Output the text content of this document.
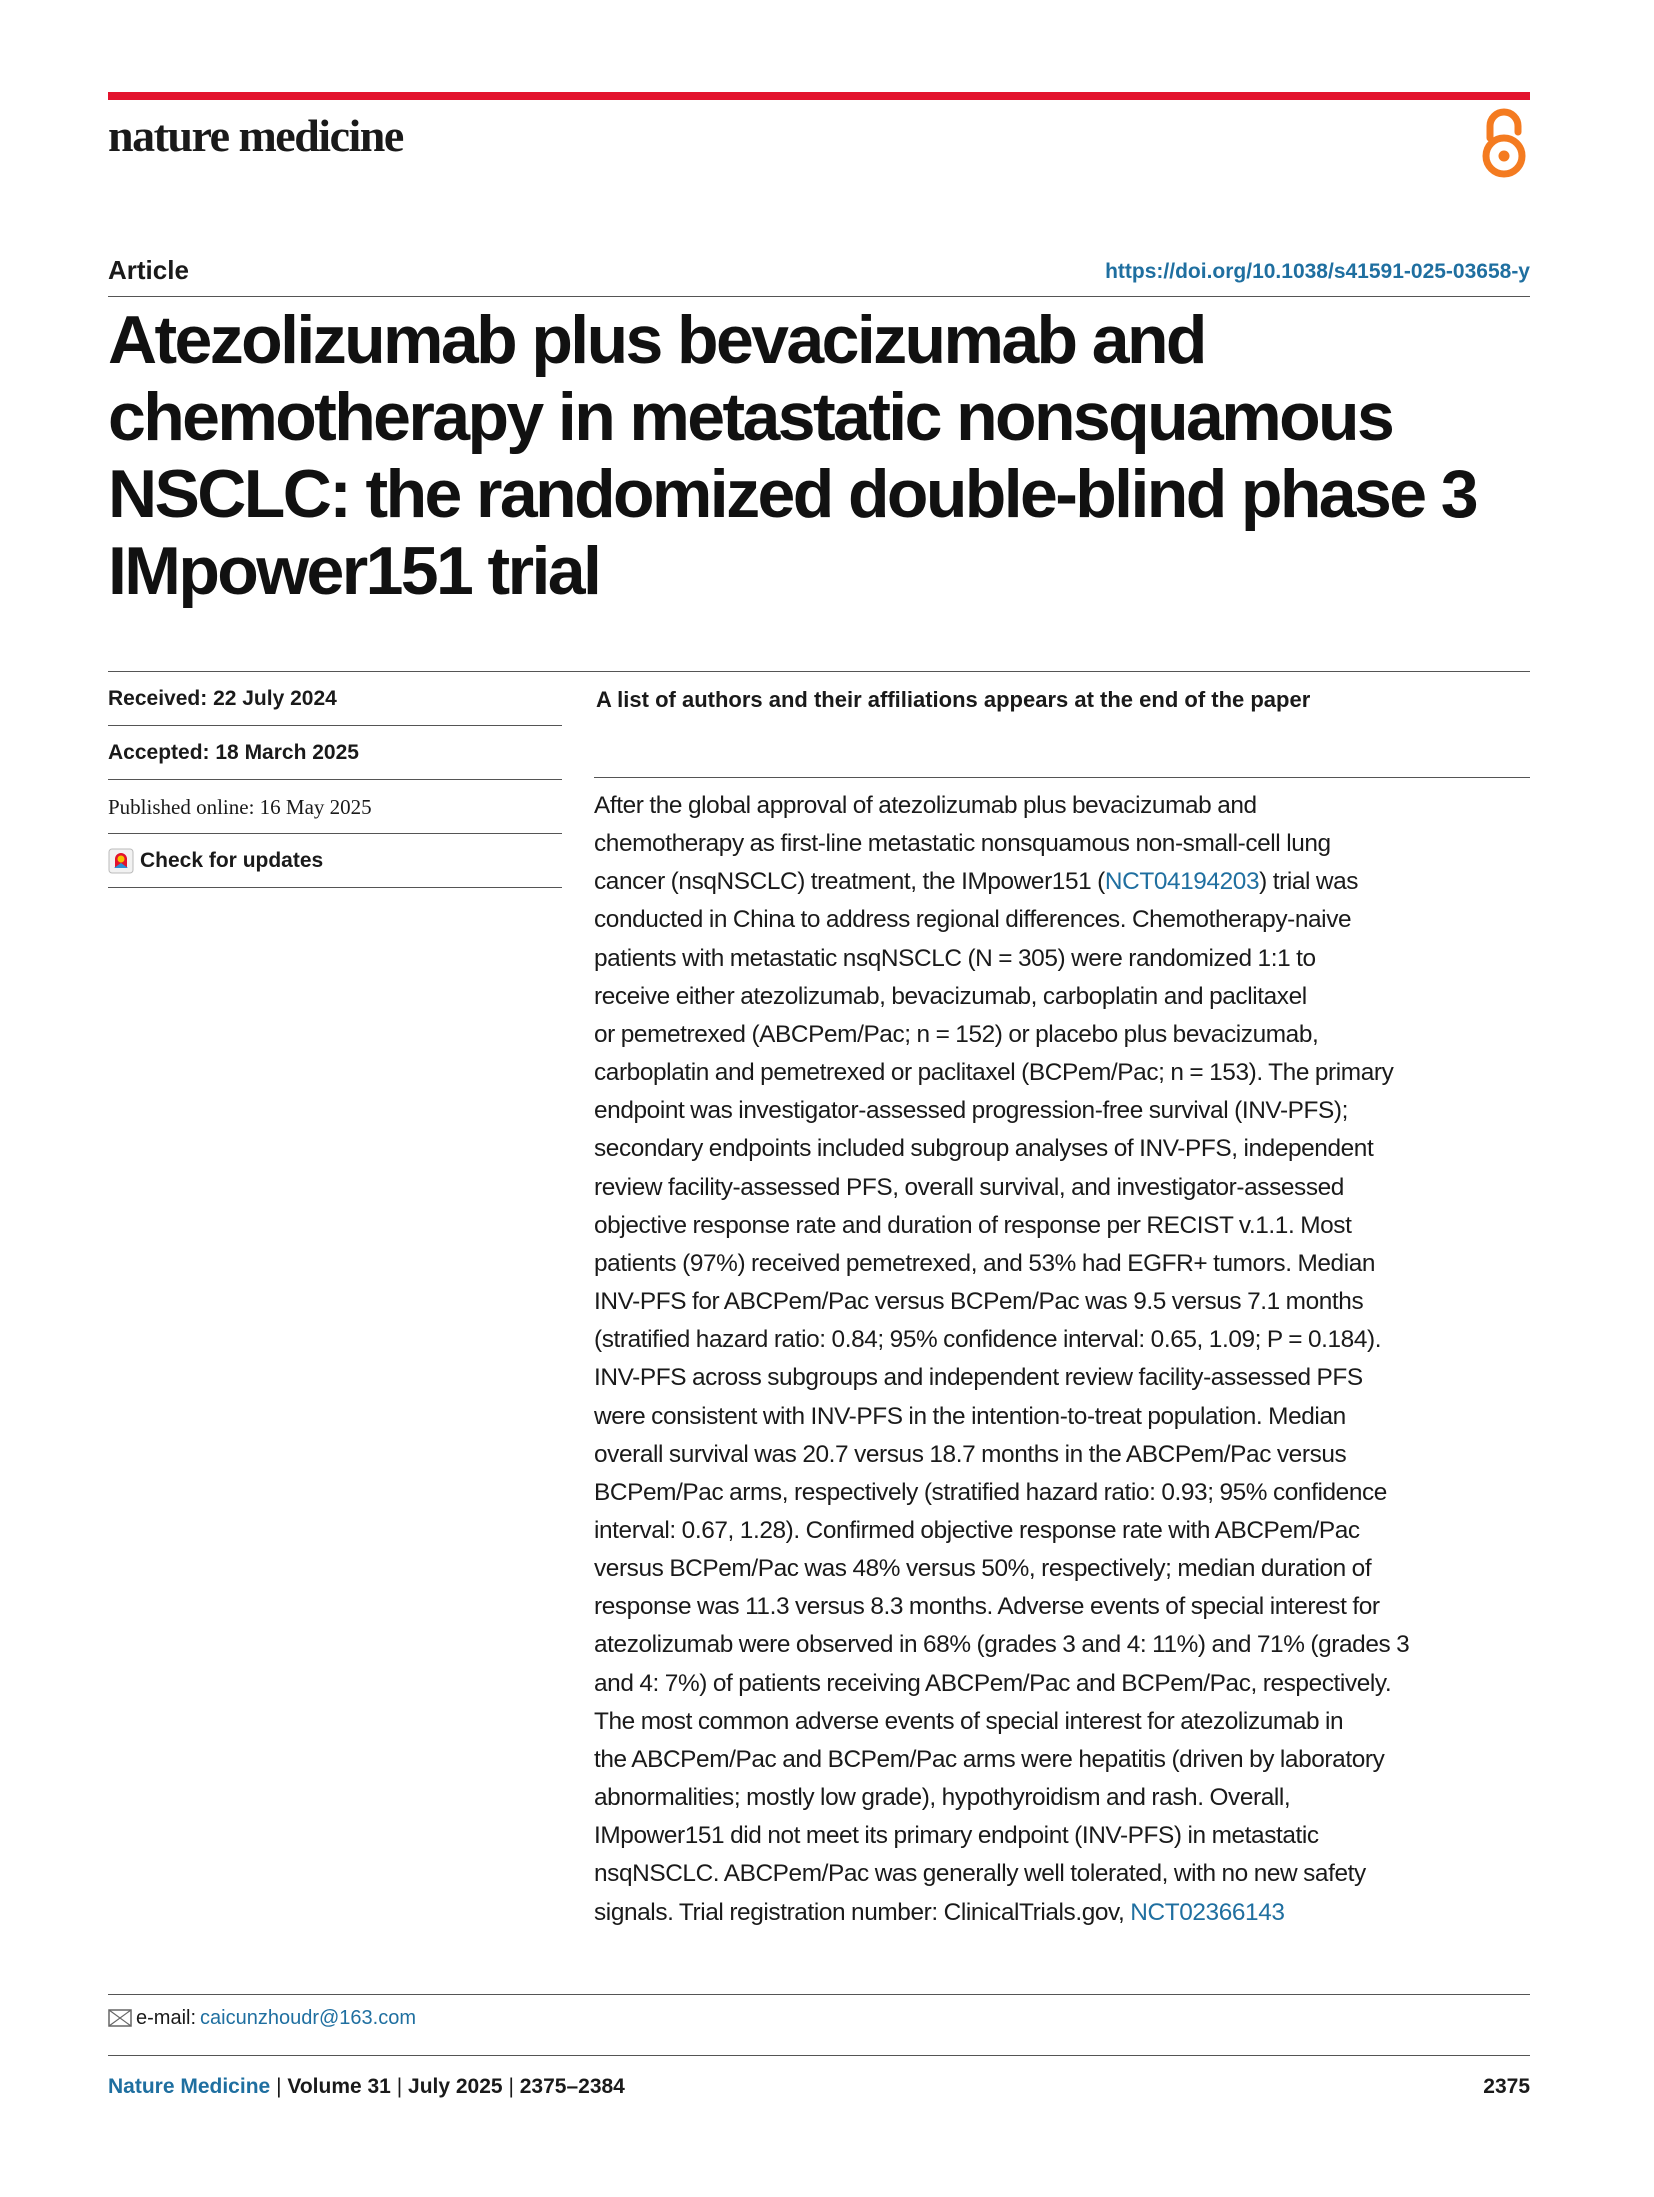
nature medicine
Article	https://doi.org/10.1038/s41591-025-03658-y
Atezolizumab plus bevacizumab and
chemotherapy in metastatic nonsquamous
NSCLC: the randomized double-blind phase 3
IMpower151 trial

Received: 22 July 2024
Accepted: 18 March 2025
Published online: 16 May 2025
Check for updates
A list of authors and their affiliations appears at the end of the paper

After the global approval of atezolizumab plus bevacizumab and
chemotherapy as first-line metastatic nonsquamous non-small-cell lung
cancer (nsqNSCLC) treatment, the IMpower151 (NCT04194203) trial was
conducted in China to address regional differences. Chemotherapy-naive
patients with metastatic nsqNSCLC (N = 305) were randomized 1:1 to
receive either atezolizumab, bevacizumab, carboplatin and paclitaxel
or pemetrexed (ABCPem/Pac; n = 152) or placebo plus bevacizumab,
carboplatin and pemetrexed or paclitaxel (BCPem/Pac; n = 153). The primary
endpoint was investigator-assessed progression-free survival (INV-PFS);
secondary endpoints included subgroup analyses of INV-PFS, independent
review facility-assessed PFS, overall survival, and investigator-assessed
objective response rate and duration of response per RECIST v.1.1. Most
patients (97%) received pemetrexed, and 53% had EGFR+ tumors. Median
INV-PFS for ABCPem/Pac versus BCPem/Pac was 9.5 versus 7.1 months
(stratified hazard ratio: 0.84; 95% confidence interval: 0.65, 1.09; P = 0.184).
INV-PFS across subgroups and independent review facility-assessed PFS
were consistent with INV-PFS in the intention-to-treat population. Median
overall survival was 20.7 versus 18.7 months in the ABCPem/Pac versus
BCPem/Pac arms, respectively (stratified hazard ratio: 0.93; 95% confidence
interval: 0.67, 1.28). Confirmed objective response rate with ABCPem/Pac
versus BCPem/Pac was 48% versus 50%, respectively; median duration of
response was 11.3 versus 8.3 months. Adverse events of special interest for
atezolizumab were observed in 68% (grades 3 and 4: 11%) and 71% (grades 3
and 4: 7%) of patients receiving ABCPem/Pac and BCPem/Pac, respectively.
The most common adverse events of special interest for atezolizumab in
the ABCPem/Pac and BCPem/Pac arms were hepatitis (driven by laboratory
abnormalities; mostly low grade), hypothyroidism and rash. Overall,
IMpower151 did not meet its primary endpoint (INV-PFS) in metastatic
nsqNSCLC. ABCPem/Pac was generally well tolerated, with no new safety
signals. Trial registration number: ClinicalTrials.gov, NCT02366143

e-mail: caicunzhoudr@163.com
Nature Medicine | Volume 31 | July 2025 | 2375–2384	2375
